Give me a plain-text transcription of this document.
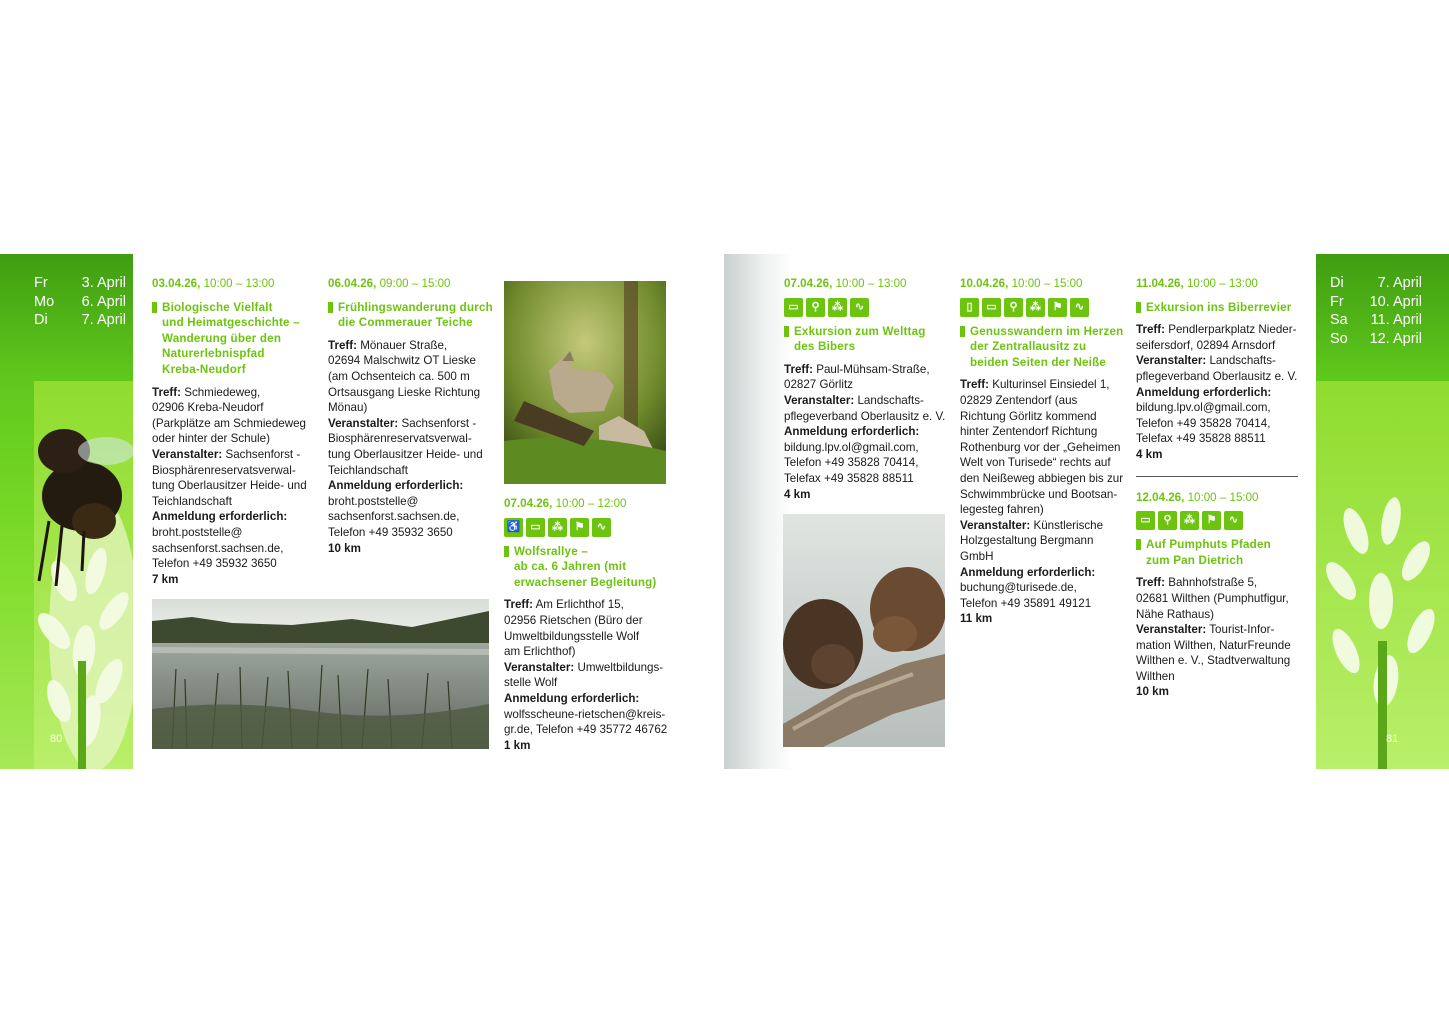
Fr	3. April
Mo	6. April
Di	7. April
80
03.04.26, 10:00 – 13:00
Biologische Vielfalt
und Heimatgeschichte –
Wanderung über den
Naturerlebnispfad
Kreba-Neudorf

Treff: Schmiedeweg,

02906 Kreba-Neudorf

(Parkplätze am Schmiedeweg

oder hinter der Schule)

Veranstalter: Sachsenforst -

Biosphärenreservatsverwal-

tung Oberlausitzer Heide- und

Teichlandschaft

Anmeldung erforderlich:

broht.poststelle@

sachsenforst.sachsen.de,

Telefon +49 35932 3650

7 km

06.04.26, 09:00 – 15:00
Frühlingswanderung durch
die Commerauer Teiche

Treff: Mönauer Straße,

02694 Malschwitz OT Lieske

(am Ochsenteich ca. 500 m

Ortsausgang Lieske Richtung

Mönau)

Veranstalter: Sachsenforst -

Biosphärenreservatsverwal-

tung Oberlausitzer Heide- und

Teichlandschaft

Anmeldung erforderlich:

broht.poststelle@

sachsenforst.sachsen.de,

Telefon +49 35932 3650

10 km

07.04.26, 10:00 – 12:00
♿ ▭	⁂	⚑	∿
Wolfsrallye –
ab ca. 6 Jahren (mit
erwachsener Begleitung)

Treff: Am Erlichthof 15,

02956 Rietschen (Büro der

Umweltbildungsstelle Wolf

am Erlichthof)

Veranstalter: Umweltbildungs-

stelle Wolf

Anmeldung erforderlich:

wolfsscheune-rietschen@kreis-

gr.de, Telefon +49 35772 46762

1 km

Di	7. April
Fr	10. April
Sa	11. April
So	12. April
81
07.04.26, 10:00 – 13:00
▭	⚲	⁂	∿
Exkursion zum Welttag
des Bibers

Treff: Paul-Mühsam-Straße,

02827 Görlitz

Veranstalter: Landschafts-

pflegeverband Oberlausitz e. V.

Anmeldung erforderlich:

bildung.lpv.ol@gmail.com,

Telefon +49 35828 70414,

Telefax +49 35828 88511

4 km

10.04.26, 10:00 – 15:00
▯	▭	⚲	⁂	⚑	∿
Genusswandern im Herzen
der Zentrallausitz zu
beiden Seiten der Neiße

Treff: Kulturinsel Einsiedel 1,

02829 Zentendorf (aus

Richtung Görlitz kommend

hinter Zentendorf Richtung

Rothenburg vor der „Geheimen

Welt von Turisede“ rechts auf

den Neißeweg abbiegen bis zur

Schwimmbrücke und Bootsan-

legesteg fahren)

Veranstalter: Künstlerische

Holzgestaltung Bergmann

GmbH

Anmeldung erforderlich:

buchung@turisede.de,

Telefon +49 35891 49121

11 km

11.04.26, 10:00 – 13:00
Exkursion ins Biberrevier

Treff: Pendlerparkplatz Nieder-

seifersdorf, 02894 Arnsdorf

Veranstalter: Landschafts-

pflegeverband Oberlausitz e. V.

Anmeldung erforderlich:

bildung.lpv.ol@gmail.com,

Telefon +49 35828 70414,

Telefax +49 35828 88511

4 km

12.04.26, 10:00 – 15:00
▭	⚲	⁂	⚑	∿
Auf Pumphuts Pfaden
zum Pan Dietrich

Treff: Bahnhofstraße 5,

02681 Wilthen (Pumphutfigur,

Nähe Rathaus)

Veranstalter: Tourist-Infor-

mation Wilthen, NaturFreunde

Wilthen e. V., Stadtverwaltung

Wilthen

10 km
